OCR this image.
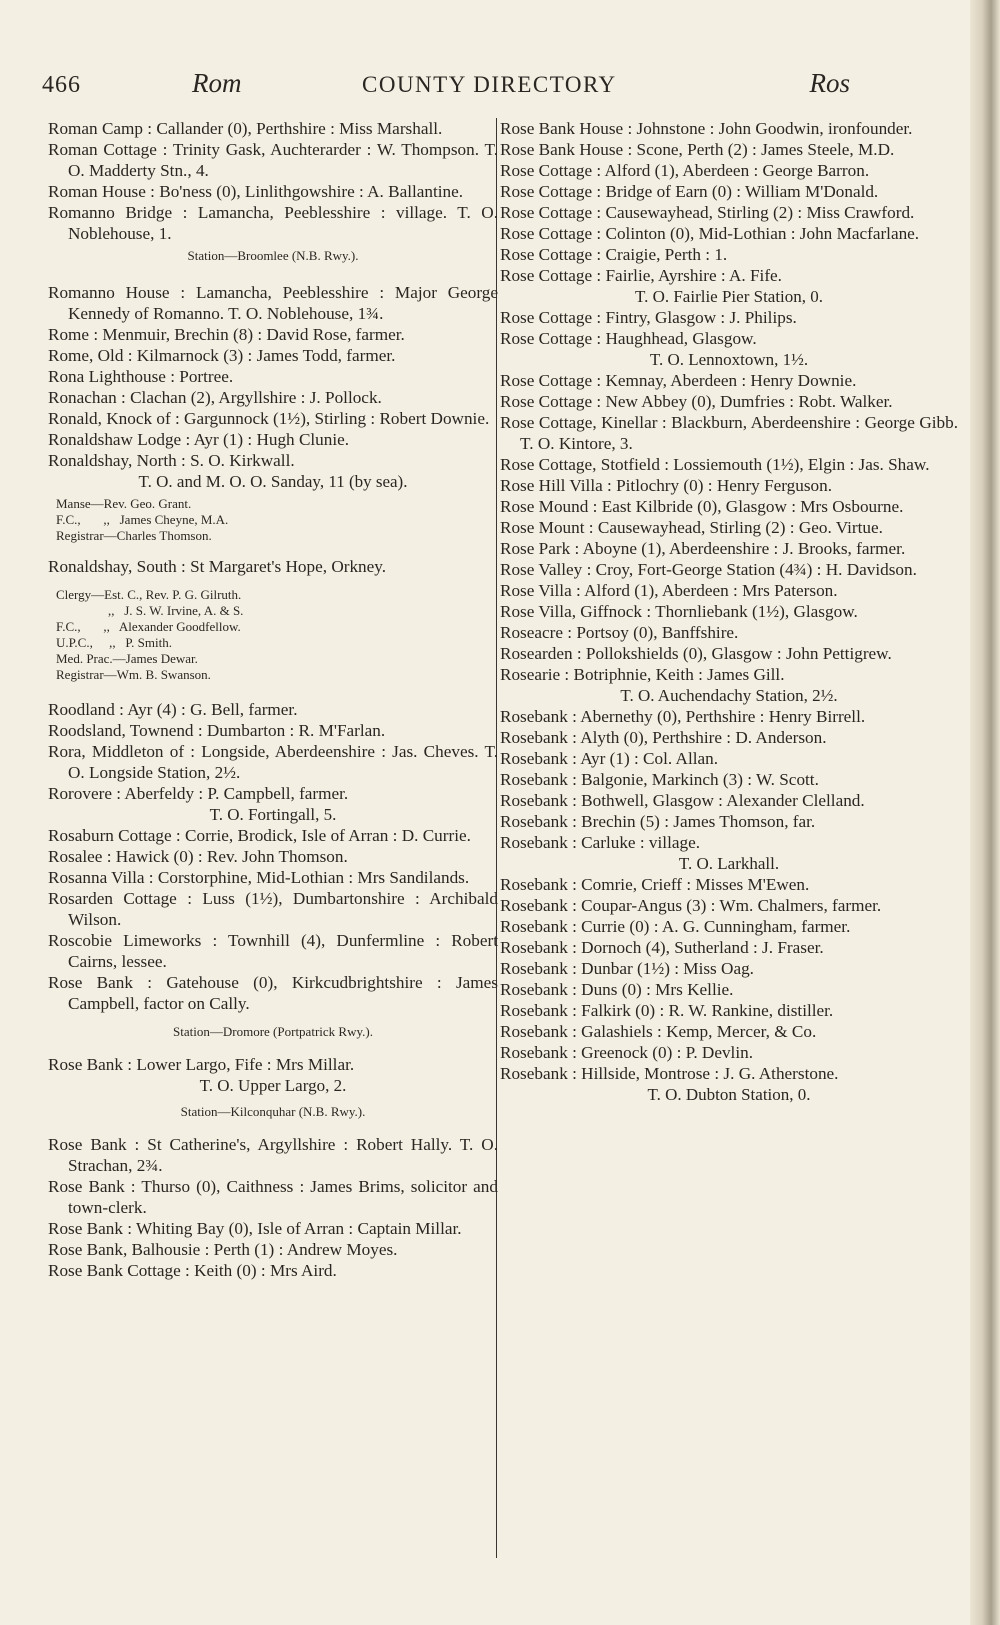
466	Rom	COUNTY DIRECTORY	Ros

Roman Camp : Callander (0), Perthshire : Miss Marshall.

Roman Cottage : Trinity Gask, Auchterarder : W. Thompson. T. O. Madderty Stn., 4.

Roman House : Bo'ness (0), Linlithgowshire : A. Ballantine.

Romanno Bridge : Lamancha, Peeblesshire : village. T. O. Noblehouse, 1.

Station—Broomlee (N.B. Rwy.).

Romanno House : Lamancha, Peeblesshire : Major George Kennedy of Romanno. T. O. Noblehouse, 1¾.

Rome : Menmuir, Brechin (8) : David Rose, farmer.

Rome, Old : Kilmarnock (3) : James Todd, farmer.

Rona Lighthouse : Portree.

Ronachan : Clachan (2), Argyllshire : J. Pollock.

Ronald, Knock of : Gargunnock (1½), Stirling : Robert Downie.

Ronaldshaw Lodge : Ayr (1) : Hugh Clunie.

Ronaldshay, North : S. O. Kirkwall.

T. O. and M. O. O. Sanday, 11 (by sea).
Manse—Rev. Geo. Grant.
F.C.,       ,,   James Cheyne, M.A.
Registrar—Charles Thomson.

Ronaldshay, South : St Margaret's Hope, Orkney.

Clergy—Est. C., Rev. P. G. Gilruth.
,,   J. S. W. Irvine, A. & S.
F.C.,       ,,   Alexander Goodfellow.
U.P.C.,     ,,   P. Smith.
Med. Prac.—James Dewar.
Registrar—Wm. B. Swanson.

Roodland : Ayr (4) : G. Bell, farmer.

Roodsland, Townend : Dumbarton : R. M'Farlan.

Rora, Middleton of : Longside, Aberdeenshire : Jas. Cheves. T. O. Longside Station, 2½.

Rorovere : Aberfeldy : P. Campbell, farmer.

T. O. Fortingall, 5.

Rosaburn Cottage : Corrie, Brodick, Isle of Arran : D. Currie.

Rosalee : Hawick (0) : Rev. John Thomson.

Rosanna Villa : Corstorphine, Mid-Lothian : Mrs Sandilands.

Rosarden Cottage : Luss (1½), Dumbartonshire : Archibald Wilson.

Roscobie Limeworks : Townhill (4), Dunfermline : Robert Cairns, lessee.

Rose Bank : Gatehouse (0), Kirkcudbrightshire : James Campbell, factor on Cally.

Station—Dromore (Portpatrick Rwy.).

Rose Bank : Lower Largo, Fife : Mrs Millar.

T. O. Upper Largo, 2.
Station—Kilconquhar (N.B. Rwy.).

Rose Bank : St Catherine's, Argyllshire : Robert Hally. T. O. Strachan, 2¾.

Rose Bank : Thurso (0), Caithness : James Brims, solicitor and town-clerk.

Rose Bank : Whiting Bay (0), Isle of Arran : Captain Millar.

Rose Bank, Balhousie : Perth (1) : Andrew Moyes.

Rose Bank Cottage : Keith (0) : Mrs Aird.

Rose Bank House : Johnstone : John Goodwin, ironfounder.

Rose Bank House : Scone, Perth (2) : James Steele, M.D.

Rose Cottage : Alford (1), Aberdeen : George Barron.

Rose Cottage : Bridge of Earn (0) : William M'Donald.

Rose Cottage : Causewayhead, Stirling (2) : Miss Crawford.

Rose Cottage : Colinton (0), Mid-Lothian : John Macfarlane.

Rose Cottage : Craigie, Perth : 1.

Rose Cottage : Fairlie, Ayrshire : A. Fife.

T. O. Fairlie Pier Station, 0.

Rose Cottage : Fintry, Glasgow : J. Philips.

Rose Cottage : Haughhead, Glasgow.

T. O. Lennoxtown, 1½.

Rose Cottage : Kemnay, Aberdeen : Henry Downie.

Rose Cottage : New Abbey (0), Dumfries : Robt. Walker.

Rose Cottage, Kinellar : Blackburn, Aberdeenshire : George Gibb. T. O. Kintore, 3.

Rose Cottage, Stotfield : Lossiemouth (1½), Elgin : Jas. Shaw.

Rose Hill Villa : Pitlochry (0) : Henry Ferguson.

Rose Mound : East Kilbride (0), Glasgow : Mrs Osbourne.

Rose Mount : Causewayhead, Stirling (2) : Geo. Virtue.

Rose Park : Aboyne (1), Aberdeenshire : J. Brooks, farmer.

Rose Valley : Croy, Fort-George Station (4¾) : H. Davidson.

Rose Villa : Alford (1), Aberdeen : Mrs Paterson.

Rose Villa, Giffnock : Thornliebank (1½), Glasgow.

Roseacre : Portsoy (0), Banffshire.

Rosearden : Pollokshields (0), Glasgow : John Pettigrew.

Rosearie : Botriphnie, Keith : James Gill.

T. O. Auchendachy Station, 2½.

Rosebank : Abernethy (0), Perthshire : Henry Birrell.

Rosebank : Alyth (0), Perthshire : D. Anderson.

Rosebank : Ayr (1) : Col. Allan.

Rosebank : Balgonie, Markinch (3) : W. Scott.

Rosebank : Bothwell, Glasgow : Alexander Clelland.

Rosebank : Brechin (5) : James Thomson, far.

Rosebank : Carluke : village.

T. O. Larkhall.

Rosebank : Comrie, Crieff : Misses M'Ewen.

Rosebank : Coupar-Angus (3) : Wm. Chalmers, farmer.

Rosebank : Currie (0) : A. G. Cunningham, farmer.

Rosebank : Dornoch (4), Sutherland : J. Fraser.

Rosebank : Dunbar (1½) : Miss Oag.

Rosebank : Duns (0) : Mrs Kellie.

Rosebank : Falkirk (0) : R. W. Rankine, distiller.

Rosebank : Galashiels : Kemp, Mercer, & Co.

Rosebank : Greenock (0) : P. Devlin.

Rosebank : Hillside, Montrose : J. G. Atherstone.

T. O. Dubton Station, 0.
